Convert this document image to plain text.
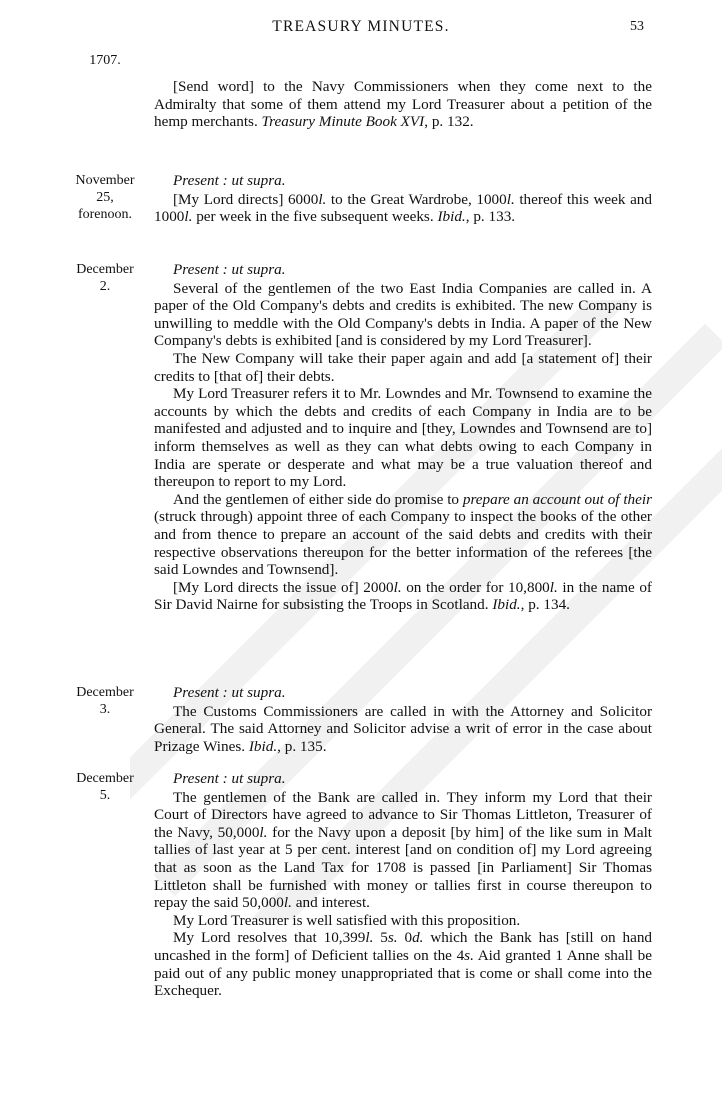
TREASURY MINUTES.	53
1707.

[Send word] to the Navy Commissioners when they come next to the Admiralty that some of them attend my Lord Treasurer about a petition of the hemp merchants. Treasury Minute Book XVI, p. 132.

November
25,
forenoon.

Present : ut supra.

[My Lord directs] 6000l. to the Great Wardrobe, 1000l. thereof this week and 1000l. per week in the five subsequent weeks. Ibid., p. 133.

December
2.

Present : ut supra.

Several of the gentlemen of the two East India Companies are called in. A paper of the Old Company's debts and credits is exhibited. The new Company is unwilling to meddle with the Old Company's debts in India. A paper of the New Company's debts is exhibited [and is considered by my Lord Treasurer].

The New Company will take their paper again and add [a statement of] their credits to [that of] their debts.

My Lord Treasurer refers it to Mr. Lowndes and Mr. Townsend to examine the accounts by which the debts and credits of each Company in India are to be manifested and adjusted and to inquire and [they, Lowndes and Townsend are to] inform themselves as well as they can what debts owing to each Company in India are sperate or desperate and what may be a true valuation thereof and thereupon to report to my Lord.

And the gentlemen of either side do promise to prepare an account out of their (struck through) appoint three of each Company to inspect the books of the other and from thence to prepare an account of the said debts and credits with their respective observations thereupon for the better information of the referees [the said Lowndes and Townsend].

[My Lord directs the issue of] 2000l. on the order for 10,800l. in the name of Sir David Nairne for subsisting the Troops in Scotland. Ibid., p. 134.

December
3.

Present : ut supra.

The Customs Commissioners are called in with the Attorney and Solicitor General. The said Attorney and Solicitor advise a writ of error in the case about Prizage Wines. Ibid., p. 135.

December
5.

Present : ut supra.

The gentlemen of the Bank are called in. They inform my Lord that their Court of Directors have agreed to advance to Sir Thomas Littleton, Treasurer of the Navy, 50,000l. for the Navy upon a deposit [by him] of the like sum in Malt tallies of last year at 5 per cent. interest [and on condition of] my Lord agreeing that as soon as the Land Tax for 1708 is passed [in Parliament] Sir Thomas Littleton shall be furnished with money or tallies first in course thereupon to repay the said 50,000l. and interest.

My Lord Treasurer is well satisfied with this proposition.

My Lord resolves that 10,399l. 5s. 0d. which the Bank has [still on hand uncashed in the form] of Deficient tallies on the 4s. Aid granted 1 Anne shall be paid out of any public money unappropriated that is come or shall come into the Exchequer.
